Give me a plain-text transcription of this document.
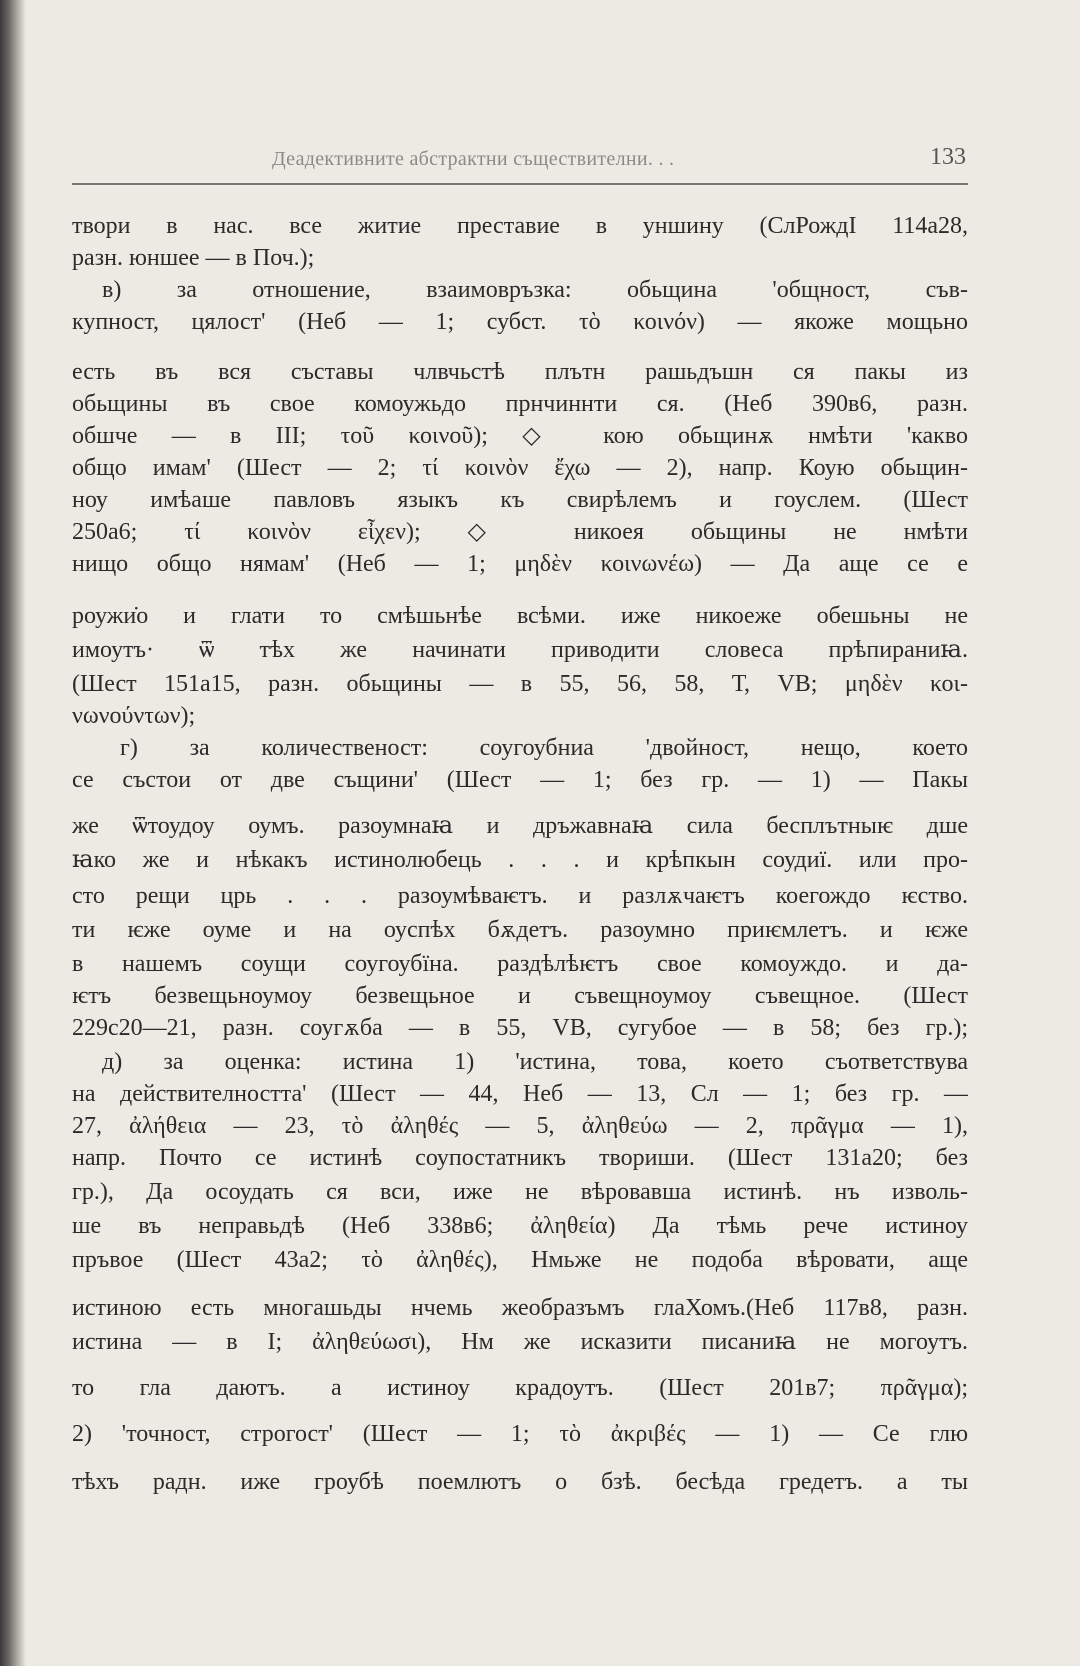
Деадективните абстрактни съществителни. . .	133
твори в нас. все житие преставие в уншину (СлРождІ 114а28,
разн. юншее — в Поч.);
в) за отношение, взаимовръзка: обьщина 'общност, съв-
купност, цялост' (Неб — 1; субст. τὸ κοινόν) — якоже мощьно
есть въ вся съставы члвчьстѣ плътн рашьдъшн ся пакы из
обьщины въ свое комоужьдо прнчиннти ся. (Неб 390в6, разн.
обшче — в III; τοῦ κοινοῦ); ◇ кою обьщинѫ нмѣти 'какво
общо имам' (Шест — 2; τί κοινὸν ἔχω — 2), напр. Коую обьщин-
ноу имѣаше павловъ языкъ къ свирѣлемъ и гоуслем. (Шест
250а6; τί κοινὸν εἶχεν); ◇ никоея обьщины не нмѣти
нищо общо нямам' (Неб — 1; μηδὲν κοινωνέω) — Да аще се е
роужи̇о и глати то смѣшьнѣе всѣми. иже никоеже обешьны не
имоутъ· ѿ тѣх же начинати приводити словеса прѣпираниꙗ.
(Шест 151а15, разн. обьщины — в 55, 56, 58, Т, VB; μηδὲν κοι-
νωνούντων);
г) за количественост: соугоубниа 'двойност, нещо, което
се състои от две същини' (Шест — 1; без гр. — 1) — Пакы
же ѿтоудоу оумъ. разоумнаꙗ и дръжавнаꙗ сила бесплътныѥ дше
ꙗко же и нѣкакъ истинолюбець . . . и крѣпкын соудиї. или про-
сто рещи црь . . . разоумѣваѥтъ. и разлѫчаѥтъ коегождо ѥство.
ти ѥже оуме и на оуспѣх бѫдетъ. разоумно приѥмлетъ. и ѥже
в нашемъ соущи соугоубїна. раздѣлѣѥтъ свое комоуждо. и да-
ѥтъ безвещьноумоу безвещьное и съвещноумоу съвещное. (Шест
229с20—21, разн. соугѫба — в 55, VB, сугубое — в 58; без гр.);
д) за оценка: истина 1) 'истина, това, което съответствува
на действителността' (Шест — 44, Неб — 13, Сл — 1; без гр. —
27, ἀλήθεια — 23, τὸ ἀληθές — 5, ἀληθεύω — 2, πρᾶγμα — 1),
напр. Почто се истинѣ соупостатникъ твориши. (Шест 131а20; без
гр.), Да осоудать ся вси, иже не вѣровавша истинѣ. нъ изволь-
ше въ неправьдѣ (Неб 338в6; ἀληθεία) Да тѣмь рече истиноу
пръвое (Шест 43а2; τὸ ἀληθές), Нмьже не подоба вѣровати, аще
истиною есть многашьды нчемь жеобразъмъ глаХомъ.(Неб 117в8, разн.
истина — в І; ἀληθεύωσι), Нм же исказити писаниꙗ не могоутъ.
то гла даютъ. а истиноу крадоутъ. (Шест 201в7; πρᾶγμα);
2) 'точност, строгост' (Шест — 1; τὸ ἀκριβές — 1) — Се глю
тѣхъ радн. иже гроубѣ поемлютъ о бзѣ. бесѣда гредетъ. а ты
